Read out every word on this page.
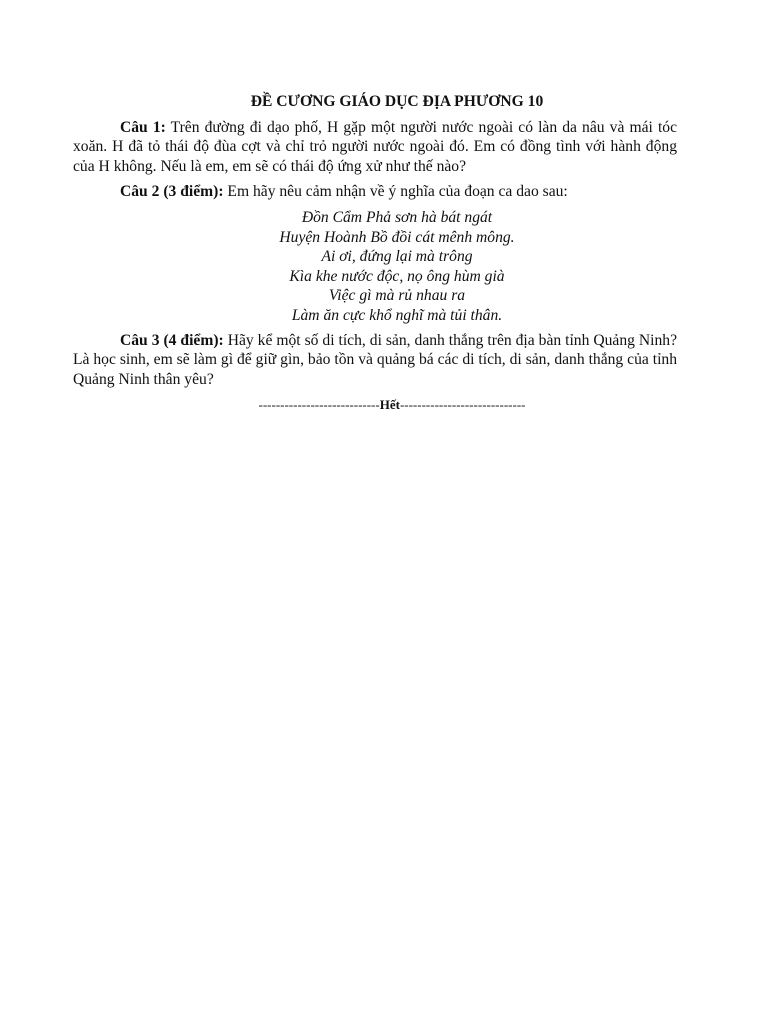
ĐỀ CƯƠNG GIÁO DỤC ĐỊA PHƯƠNG 10

Câu 1: Trên đường đi dạo phố, H gặp một người nước ngoài có làn da nâu và mái tóc xoăn. H đã tỏ thái độ đùa cợt và chỉ trỏ người nước ngoài đó. Em có đồng tình với hành động của H không. Nếu là em, em sẽ có thái độ ứng xử như thế nào?

Câu 2 (3 điểm): Em hãy nêu cảm nhận về ý nghĩa của đoạn ca dao sau:

Đồn Cẩm Phả sơn hà bát ngát
Huyện Hoành Bồ đồi cát mênh mông.
Ai ơi, đứng lại mà trông
Kìa khe nước độc, nọ ông hùm già
Việc gì mà rủ nhau ra
Làm ăn cực khổ nghĩ mà tủi thân.

Câu 3 (4 điểm): Hãy kể một số di tích, di sản, danh thắng trên địa bàn tỉnh Quảng Ninh? Là học sinh, em sẽ làm gì để giữ gìn, bảo tồn và quảng bá các di tích, di sản, danh thắng của tỉnh Quảng Ninh thân yêu?

----------------------------Hết-----------------------------
